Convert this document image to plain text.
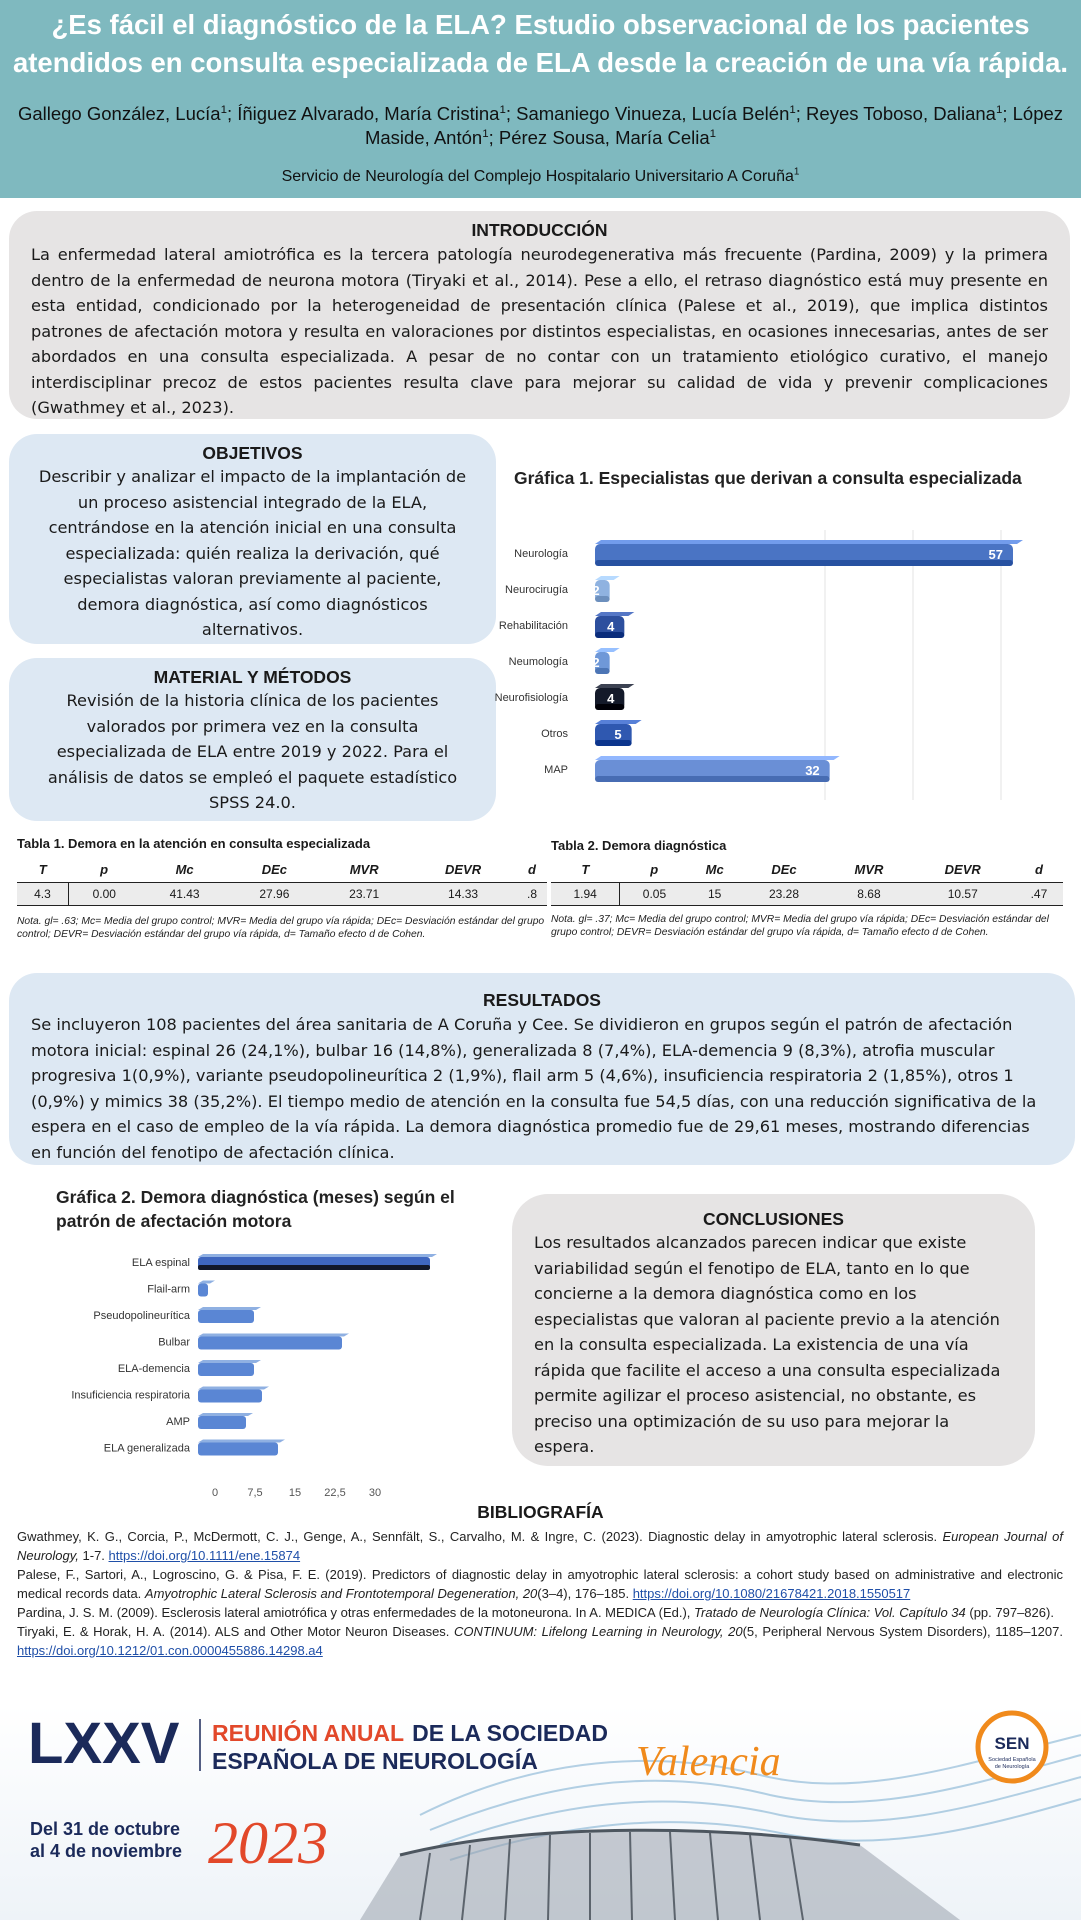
¿Es fácil el diagnóstico de la ELA? Estudio observacional de los pacientes atendidos en consulta especializada de ELA desde la creación de una vía rápida.
Gallego González, Lucía$^1$; Íñiguez Alvarado, María Cristina$^1$; Samaniego Vinueza, Lucía Belén$^1$; Reyes Toboso, Daliana$^1$; López Maside, Antón$^1$; Pérez Sousa, María Celia$^1$
Servicio de Neurología del Complejo Hospitalario Universitario A Coruña$^1$
INTRODUCCIÓN
La enfermedad lateral amiotrófica es la tercera patología neurodegenerativa más frecuente (Pardina, 2009) y la primera dentro de la enfermedad de neurona motora (Tiryaki et al., 2014). Pese a ello, el retraso diagnóstico está muy presente en esta entidad, condicionado por la heterogeneidad de presentación clínica (Palese et al., 2019), que implica distintos patrones de afectación motora y resulta en valoraciones por distintos especialistas, en ocasiones innecesarias, antes de ser abordados en una consulta especializada. A pesar de no contar con un tratamiento etiológico curativo, el manejo interdisciplinar precoz de estos pacientes resulta clave para mejorar su calidad de vida y prevenir complicaciones (Gwathmey et al., 2023).
OBJETIVOS
Describir y analizar el impacto de la implantación de un proceso asistencial integrado de la ELA, centrándose en la atención inicial en una consulta especializada: quién realiza la derivación, qué especialistas valoran previamente al paciente, demora diagnóstica, así como diagnósticos alternativos.
MATERIAL Y MÉTODOS
Revisión de la historia clínica de los pacientes valorados por primera vez en la consulta especializada de ELA entre 2019 y 2022. Para el análisis de datos se empleó el paquete estadístico SPSS 24.0.
Gráfica 1. Especialistas que derivan a consulta especializada
Neurología	57
Neurocirugía 2
Rehabilitación	4
Neumología 2
Neurofisiología	4
Otros	5
MAP	32
Tabla 1. Demora en la atención en consulta especializada
T	p	Mc	DEc	MVR	DEVR	d
4.3	0.00	41.43	27.96	23.71	14.33	.8
Nota. gl= .63; Mc= Media del grupo control; MVR= Media del grupo vía rápida; DEc= Desviación estándar del grupo control; DEVR= Desviación estándar del grupo vía rápida, d= Tamaño efecto d de Cohen.
Tabla 2. Demora diagnóstica
T	p	Mc	DEc	MVR	DEVR	d
1.94	0.05	15	23.28	8.68	10.57	.47
Nota. gl= .37; Mc= Media del grupo control; MVR= Media del grupo vía rápida; DEc= Desviación estándar del grupo control; DEVR= Desviación estándar del grupo vía rápida, d= Tamaño efecto d de Cohen.
RESULTADOS
Se incluyeron 108 pacientes del área sanitaria de A Coruña y Cee. Se dividieron en grupos según el patrón de afectación motora inicial: espinal 26 (24,1%), bulbar 16 (14,8%), generalizada 8 (7,4%), ELA-demencia 9 (8,3%), atrofia muscular progresiva 1(0,9%), variante pseudopolineurítica 2 (1,9%), flail arm 5 (4,6%), insuficiencia respiratoria 2 (1,85%), otros 1 (0,9%) y mimics 38 (35,2%). El tiempo medio de atención en la consulta fue 54,5 días, con una reducción significativa de la espera en el caso de empleo de la vía rápida. La demora diagnóstica promedio fue de 29,61 meses, mostrando diferencias en función del fenotipo de afectación clínica.
Gráfica 2. Demora diagnóstica (meses) según el patrón de afectación motora
ELA espinal
Flail-arm
Pseudopolineurítica
Bulbar
ELA-demencia
Insuficiencia respiratoria
AMP
ELA generalizada
0	7,5 15 22,5 30
CONCLUSIONES
Los resultados alcanzados parecen indicar que existe variabilidad según el fenotipo de ELA, tanto en lo que concierne a la demora diagnóstica como en los especialistas que valoran al paciente previo a la atención en la consulta especializada. La existencia de una vía rápida que facilite el acceso a una consulta especializada permite agilizar el proceso asistencial, no obstante, es preciso una optimización de su uso para mejorar la espera.
BIBLIOGRAFÍA

Gwathmey, K. G., Corcia, P., McDermott, C. J., Genge, A., Sennfält, S., Carvalho, M. & Ingre, C. (2023). Diagnostic delay in amyotrophic lateral sclerosis. European Journal of Neurology, 1-7. https://doi.org/10.1111/ene.15874

Palese, F., Sartori, A., Logroscino, G. & Pisa, F. E. (2019). Predictors of diagnostic delay in amyotrophic lateral sclerosis: a cohort study based on administrative and electronic medical records data. Amyotrophic Lateral Sclerosis and Frontotemporal Degeneration, 20(3–4), 176–185. https://doi.org/10.1080/21678421.2018.1550517

Pardina, J. S. M. (2009). Esclerosis lateral amiotrófica y otras enfermedades de la motoneurona. In A. MEDICA (Ed.), Tratado de Neurología Clínica: Vol. Capítulo 34 (pp. 797–826).

Tiryaki, E. & Horak, H. A. (2014). ALS and Other Motor Neuron Diseases. CONTINUUM: Lifelong Learning in Neurology, 20(5, Peripheral Nervous System Disorders), 1185–1207. https://doi.org/10.1212/01.con.0000455886.14298.a4

LXXV REUNIÓN ANUAL DE LA SOCIEDAD
ESPAÑOLA DE NEUROLOGÍA Valencia
Del 31 de octubre
al 4 de noviembre 2023
SEN
Sociedad Española
de Neurología
